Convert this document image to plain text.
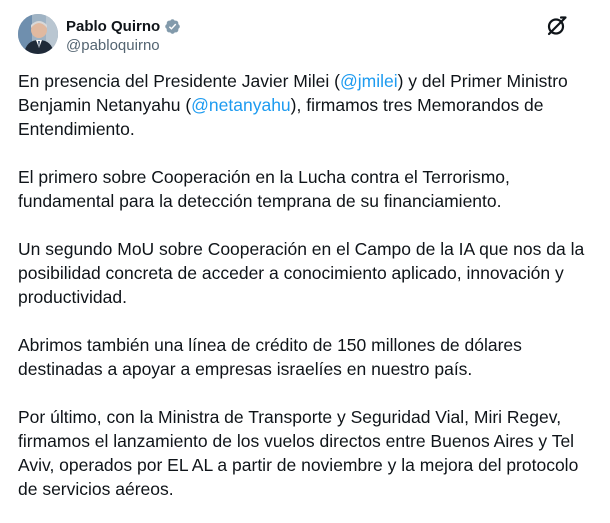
Pablo Quirno
@pabloquirno

En presencia del Presidente Javier Milei (@jmilei) y del Primer Ministro Benjamin Netanyahu (@netanyahu), firmamos tres Memorandos de Entendimiento.

El primero sobre Cooperación en la Lucha contra el Terrorismo, fundamental para la detección temprana de su financiamiento.

Un segundo MoU sobre Cooperación en el Campo de la IA que nos da la posibilidad concreta de acceder a conocimiento aplicado, innovación y productividad.

Abrimos también una línea de crédito de 150 millones de dólares destinadas a apoyar a empresas israelíes en nuestro país.

Por último, con la Ministra de Transporte y Seguridad Vial, Miri Regev, firmamos el lanzamiento de los vuelos directos entre Buenos Aires y Tel Aviv, operados por EL AL a partir de noviembre y la mejora del protocolo de servicios aéreos.
